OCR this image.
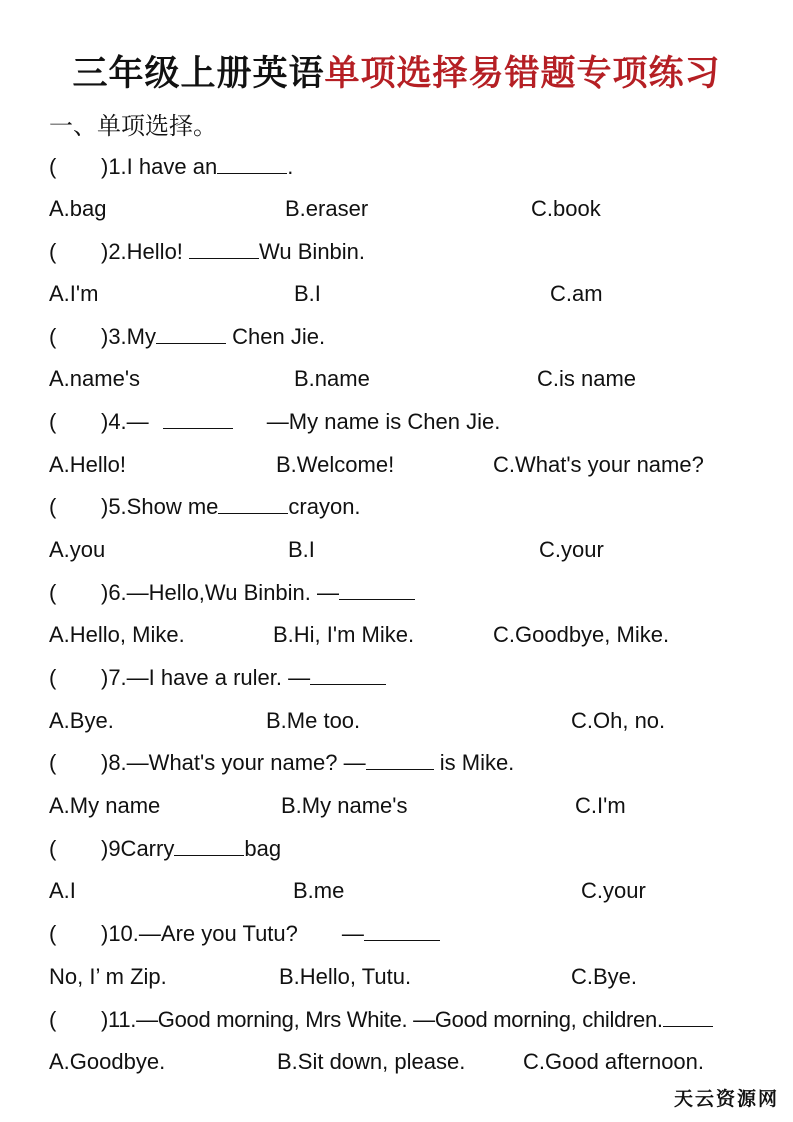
三年级上册英语单项选择易错题专项练习
一、单项选择。
( )1.I have an	.
A.bag	B.eraser	C.book
( )2.Hello!	Wu Binbin.
A.I'm	B.I	C.am
( )3.My	Chen Jie.
A.name's	B.name	C.is name
( )4.—	—My name is Chen Jie.
A.Hello!	B.Welcome!	C.What's your name?
( )5.Show me	crayon.
A.you	B.I	C.your
( )6.—Hello,Wu Binbin. —
A.Hello, Mike.	B.Hi, I'm Mike.	C.Goodbye, Mike.
( )7.—I have a ruler. —
A.Bye.	B.Me too.	C.Oh, no.
( )8.—What's your name? —	is Mike.
A.My name	B.My name's	C.I'm
( )9Carry	bag
A.I	B.me	C.your
( )10.—Are you Tutu? —
No, I’ m Zip.	B.Hello, Tutu.	C.Bye.
( )11.—Good morning, Mrs White. —Good morning, children.
A.Goodbye.	B.Sit down, please.	C.Good afternoon.
天云资源网
